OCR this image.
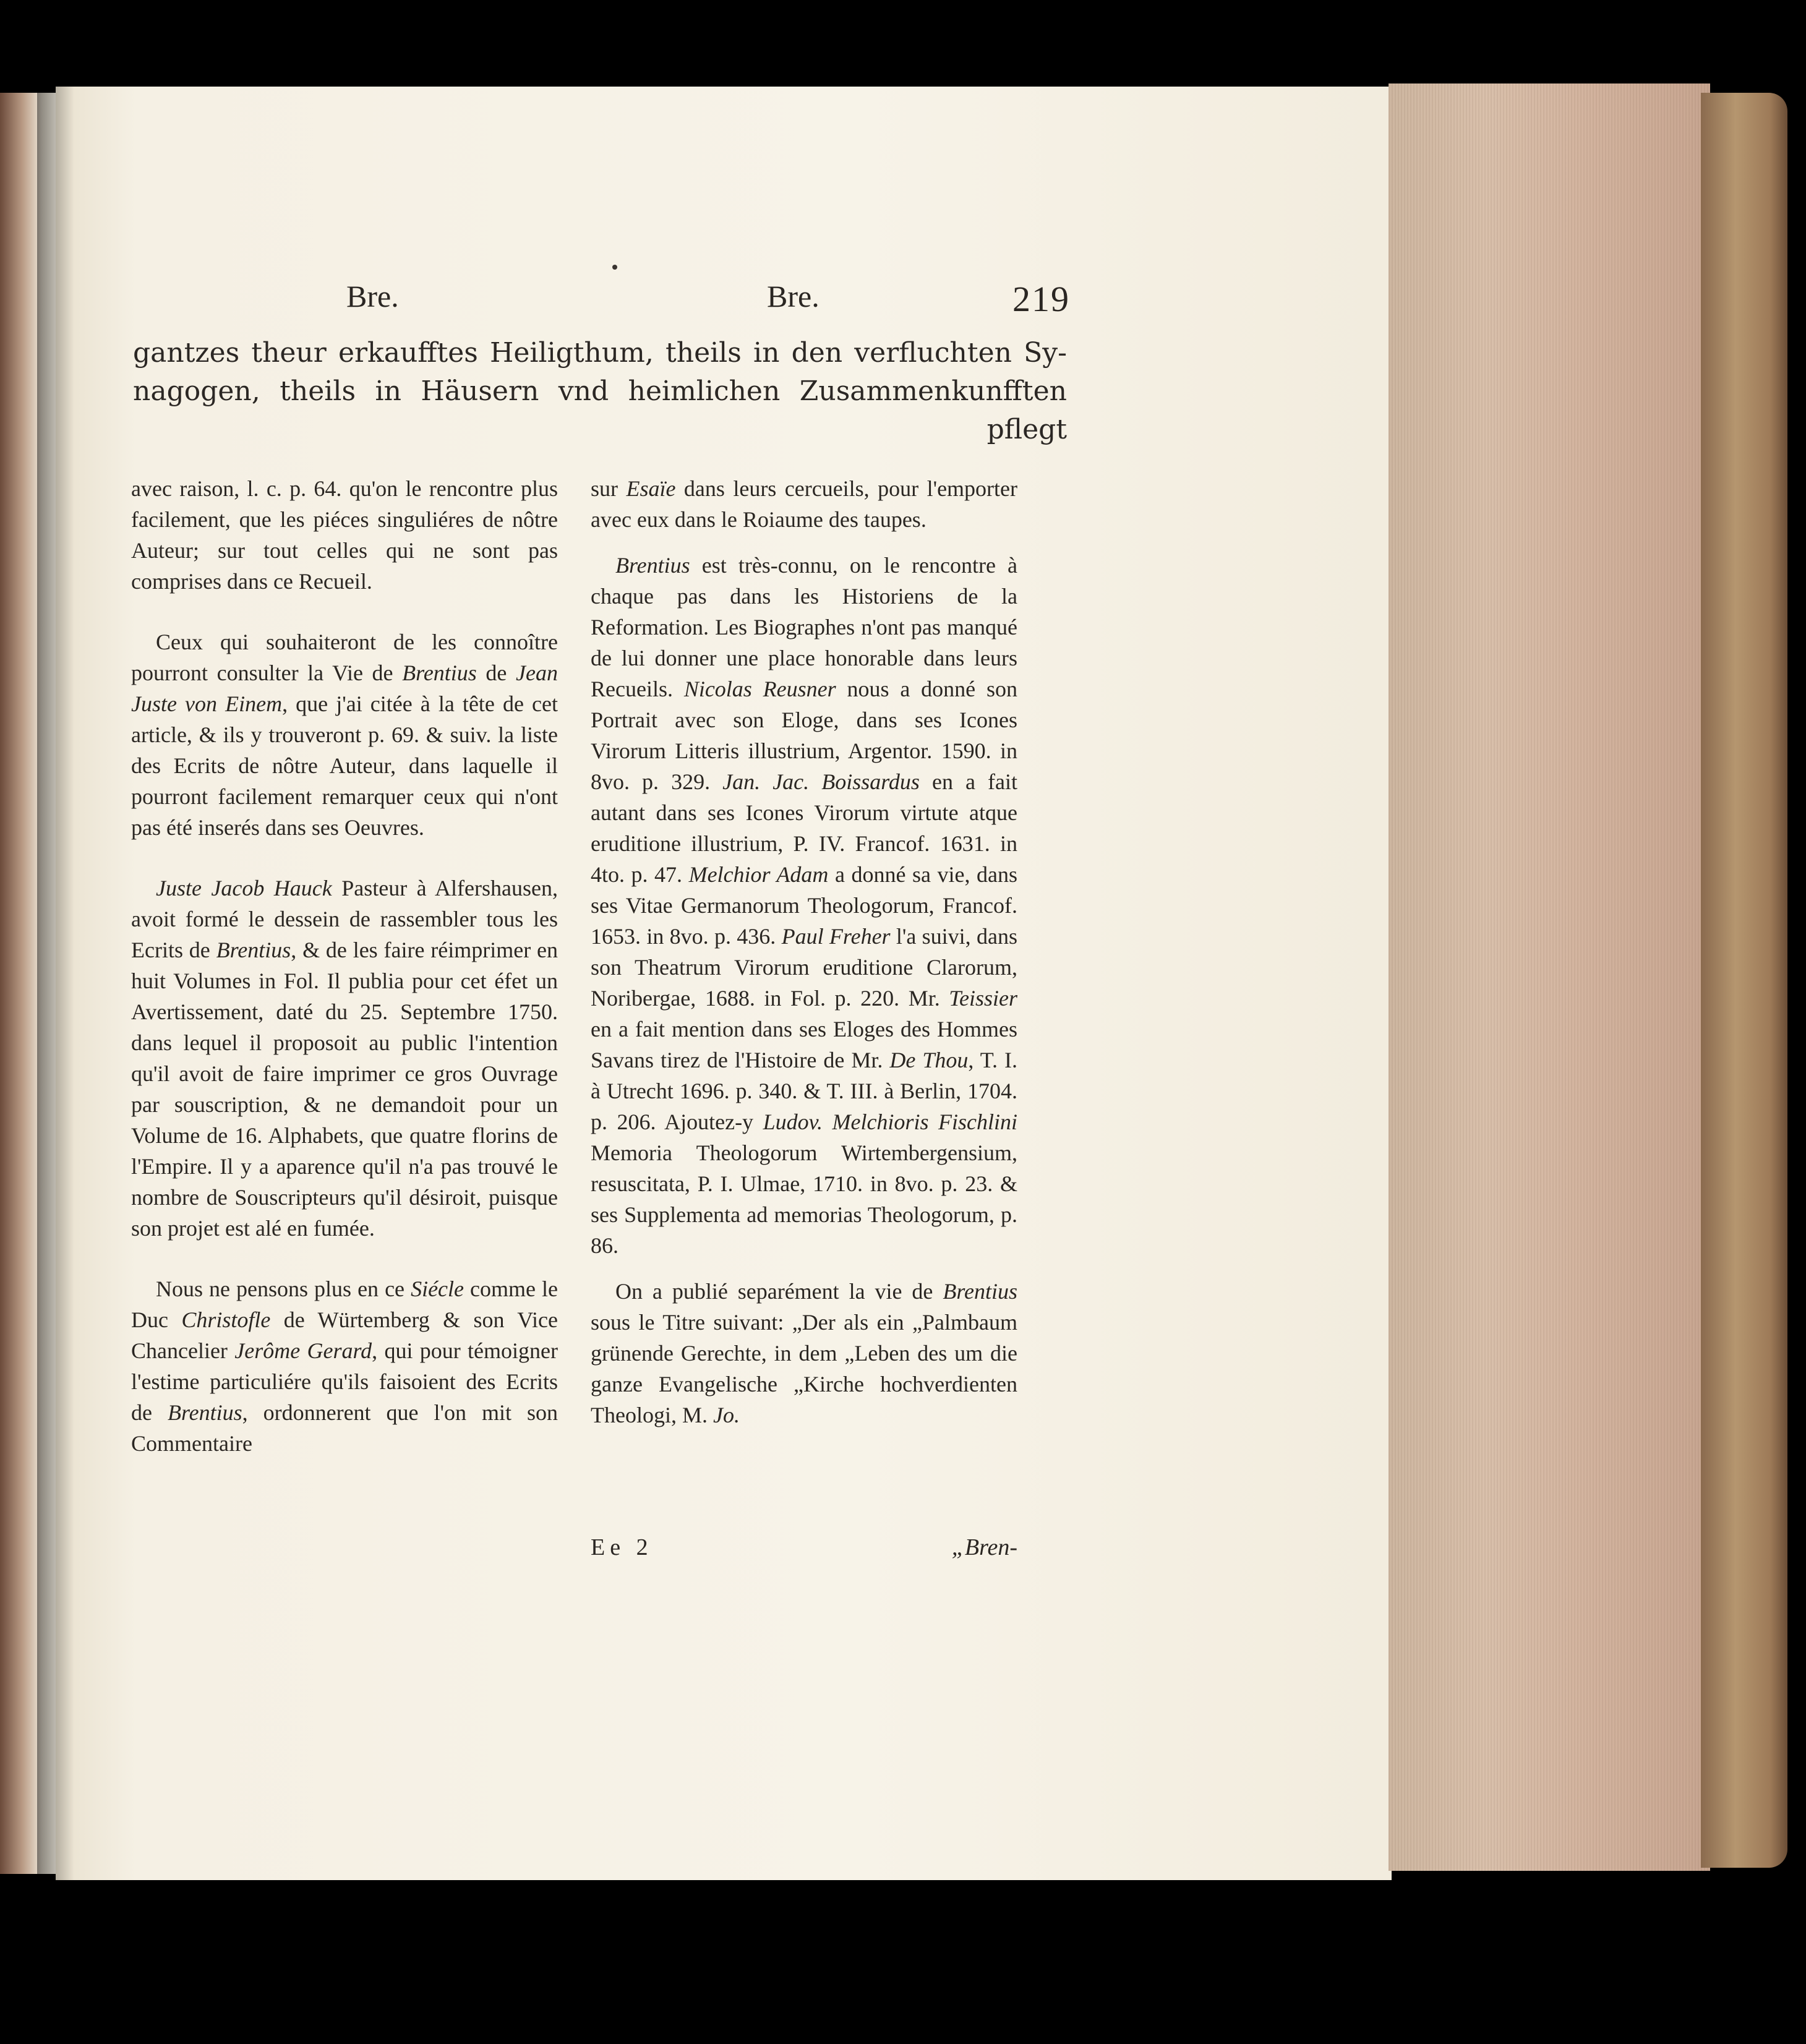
Bre.	Bre.	219
gantzes theur erkaufftes Heiligthum, theils in den verfluchten Sy-
nagogen, theils in Häusern vnd heimlichen Zusammenkunfften
pflegt

avec raison, l. c. p. 64. qu'on le rencontre plus facilement, que les piéces singuliéres de nôtre Auteur; sur tout celles qui ne sont pas comprises dans ce Recueil.

Ceux qui souhaiteront de les connoître pourront consulter la Vie de Brentius de Jean Juste von Einem, que j'ai citée à la tête de cet article, & ils y trouveront p. 69. & suiv. la liste des Ecrits de nôtre Auteur, dans laquelle il pourront facilement remarquer ceux qui n'ont pas été inserés dans ses Oeuvres.

Juste Jacob Hauck Pasteur à Alfershausen, avoit formé le dessein de rassembler tous les Ecrits de Brentius, & de les faire réimprimer en huit Volumes in Fol. Il publia pour cet éfet un Avertissement, daté du 25. Septembre 1750. dans lequel il proposoit au public l'intention qu'il avoit de faire imprimer ce gros Ouvrage par souscription, & ne demandoit pour un Volume de 16. Alphabets, que quatre florins de l'Empire. Il y a aparence qu'il n'a pas trouvé le nombre de Souscripteurs qu'il désiroit, puisque son projet est alé en fumée.

Nous ne pensons plus en ce Siécle comme le Duc Christofle de Würtemberg & son Vice Chancelier Jerôme Gerard, qui pour témoigner l'estime particuliére qu'ils faisoient des Ecrits de Brentius, ordonnerent que l'on mit son Commentaire

sur Esaïe dans leurs cercueils, pour l'emporter avec eux dans le Roiaume des taupes.

Brentius est très-connu, on le rencontre à chaque pas dans les Historiens de la Reformation. Les Biographes n'ont pas manqué de lui donner une place honorable dans leurs Recueils. Nicolas Reusner nous a donné son Portrait avec son Eloge, dans ses Icones Virorum Litteris illustrium, Argentor. 1590. in 8vo. p. 329. Jan. Jac. Boissardus en a fait autant dans ses Icones Virorum virtute atque eruditione illustrium, P. IV. Francof. 1631. in 4to. p. 47. Melchior Adam a donné sa vie, dans ses Vitae Germanorum Theologorum, Francof. 1653. in 8vo. p. 436. Paul Freher l'a suivi, dans son Theatrum Virorum eruditione Clarorum, Noribergae, 1688. in Fol. p. 220. Mr. Teissier en a fait mention dans ses Eloges des Hommes Savans tirez de l'Histoire de Mr. De Thou, T. I. à Utrecht 1696. p. 340. & T. III. à Berlin, 1704. p. 206. Ajoutez-y Ludov. Melchioris Fischlini Memoria Theologorum Wirtembergensium, resuscitata, P. I. Ulmae, 1710. in 8vo. p. 23. & ses Supplementa ad memorias Theologorum, p. 86.

On a publié separément la vie de Brentius sous le Titre suivant: „Der als ein „Palmbaum grünende Gerechte, in dem „Leben des um die ganze Evangelische „Kirche hochverdienten Theologi, M. Jo.

Ee 2	„Bren-
